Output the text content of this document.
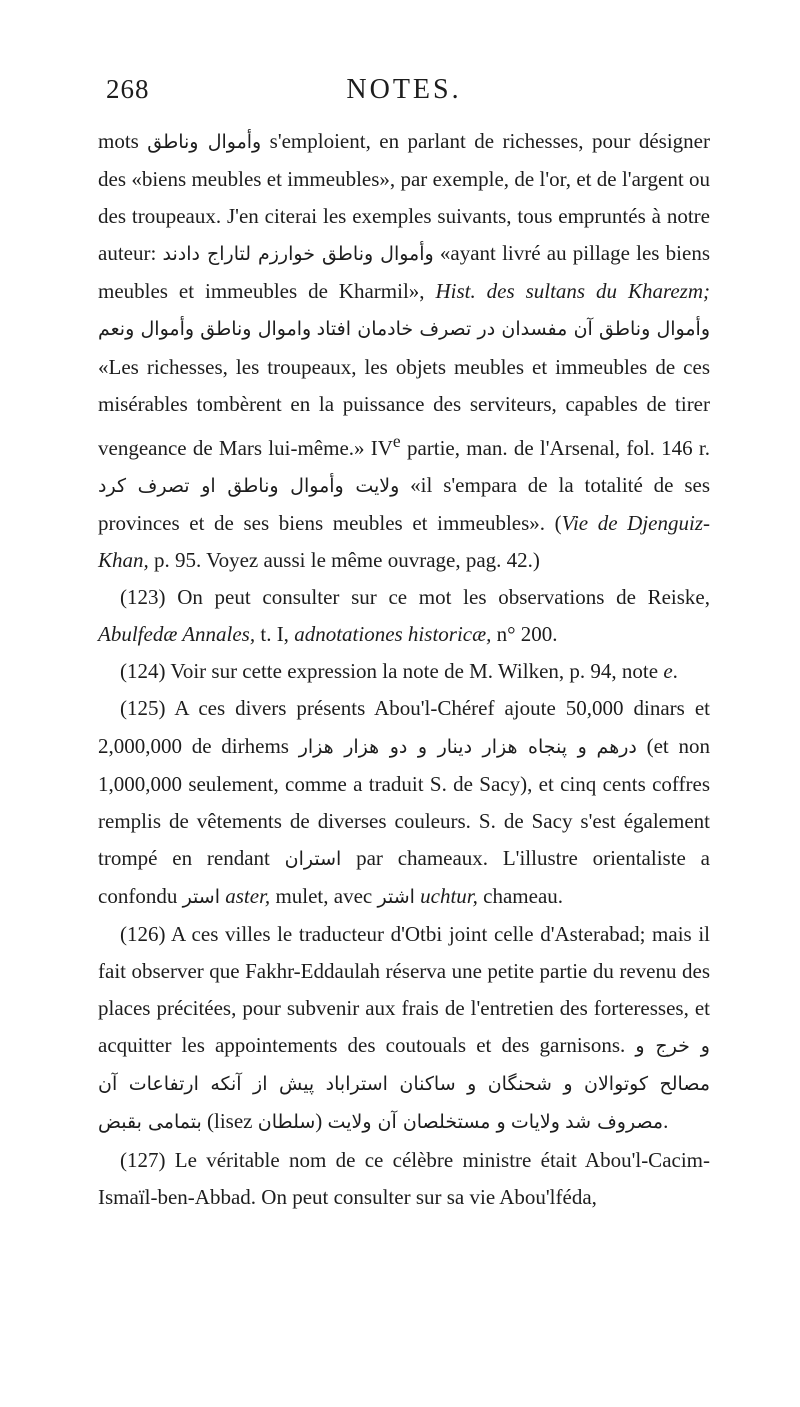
268	NOTES.

mots وأموال وناطق s'emploient, en parlant de richesses, pour désigner des «biens meubles et immeubles», par exemple, de l'or, et de l'argent ou des troupeaux. J'en citerai les exemples suivants, tous empruntés à notre auteur: وأموال وناطق خوارزم لتاراج دادند «ayant livré au pillage les biens meubles et immeubles de Kharmil», Hist. des sultans du Kharezm; واموال وناطق وأموال ونعم وأموال وناطق آن مفسدان در تصرف خادمان افتاد «Les richesses, les troupeaux, les objets meubles et immeubles de ces misérables tombèrent en la puissance des serviteurs, capables de tirer vengeance de Mars lui-même.» IVe partie, man. de l'Arsenal, fol. 146 r. ولايت وأموال وناطق او تصرف كرد «il s'empara de la totalité de ses provinces et de ses biens meubles et immeubles». (Vie de Djenguiz-Khan, p. 95. Voyez aussi le même ouvrage, pag. 42.)

(123) On peut consulter sur ce mot les observations de Reiske, Abulfedæ Annales, t. I, adnotationes historicæ, n° 200.

(124) Voir sur cette expression la note de M. Wilken, p. 94, note e.

(125) A ces divers présents Abou'l-Chéref ajoute 50,000 dinars et 2,000,000 de dirhems و پنجاه هزار دينار و دو هزار هزار درهم (et non 1,000,000 seulement, comme a traduit S. de Sacy), et cinq cents coffres remplis de vêtements de diverses couleurs. S. de Sacy s'est également trompé en rendant استران par chameaux. L'illustre orientaliste a confondu استر aster, mulet, avec اشتر uchtur, chameau.

(126) A ces villes le traducteur d'Otbi joint celle d'Asterabad; mais il fait observer que Fakhr-Eddaulah réserva une petite partie du revenu des places précitées, pour subvenir aux frais de l'entretien des forteresses, et acquitter les appointements des coutouals et des garnisons. و خرج و مصالح كوتوالان و شحنگان و ساكنان استراباد پیش از آنکه ارتفاعات آن بتمامی بقبض (lisez سلطان) و مستخلصان آن ولایت ولايات مصروف شد.

(127) Le véritable nom de ce célèbre ministre était Abou'l-Cacim-Ismaïl-ben-Abbad. On peut consulter sur sa vie Abou'lféda,
